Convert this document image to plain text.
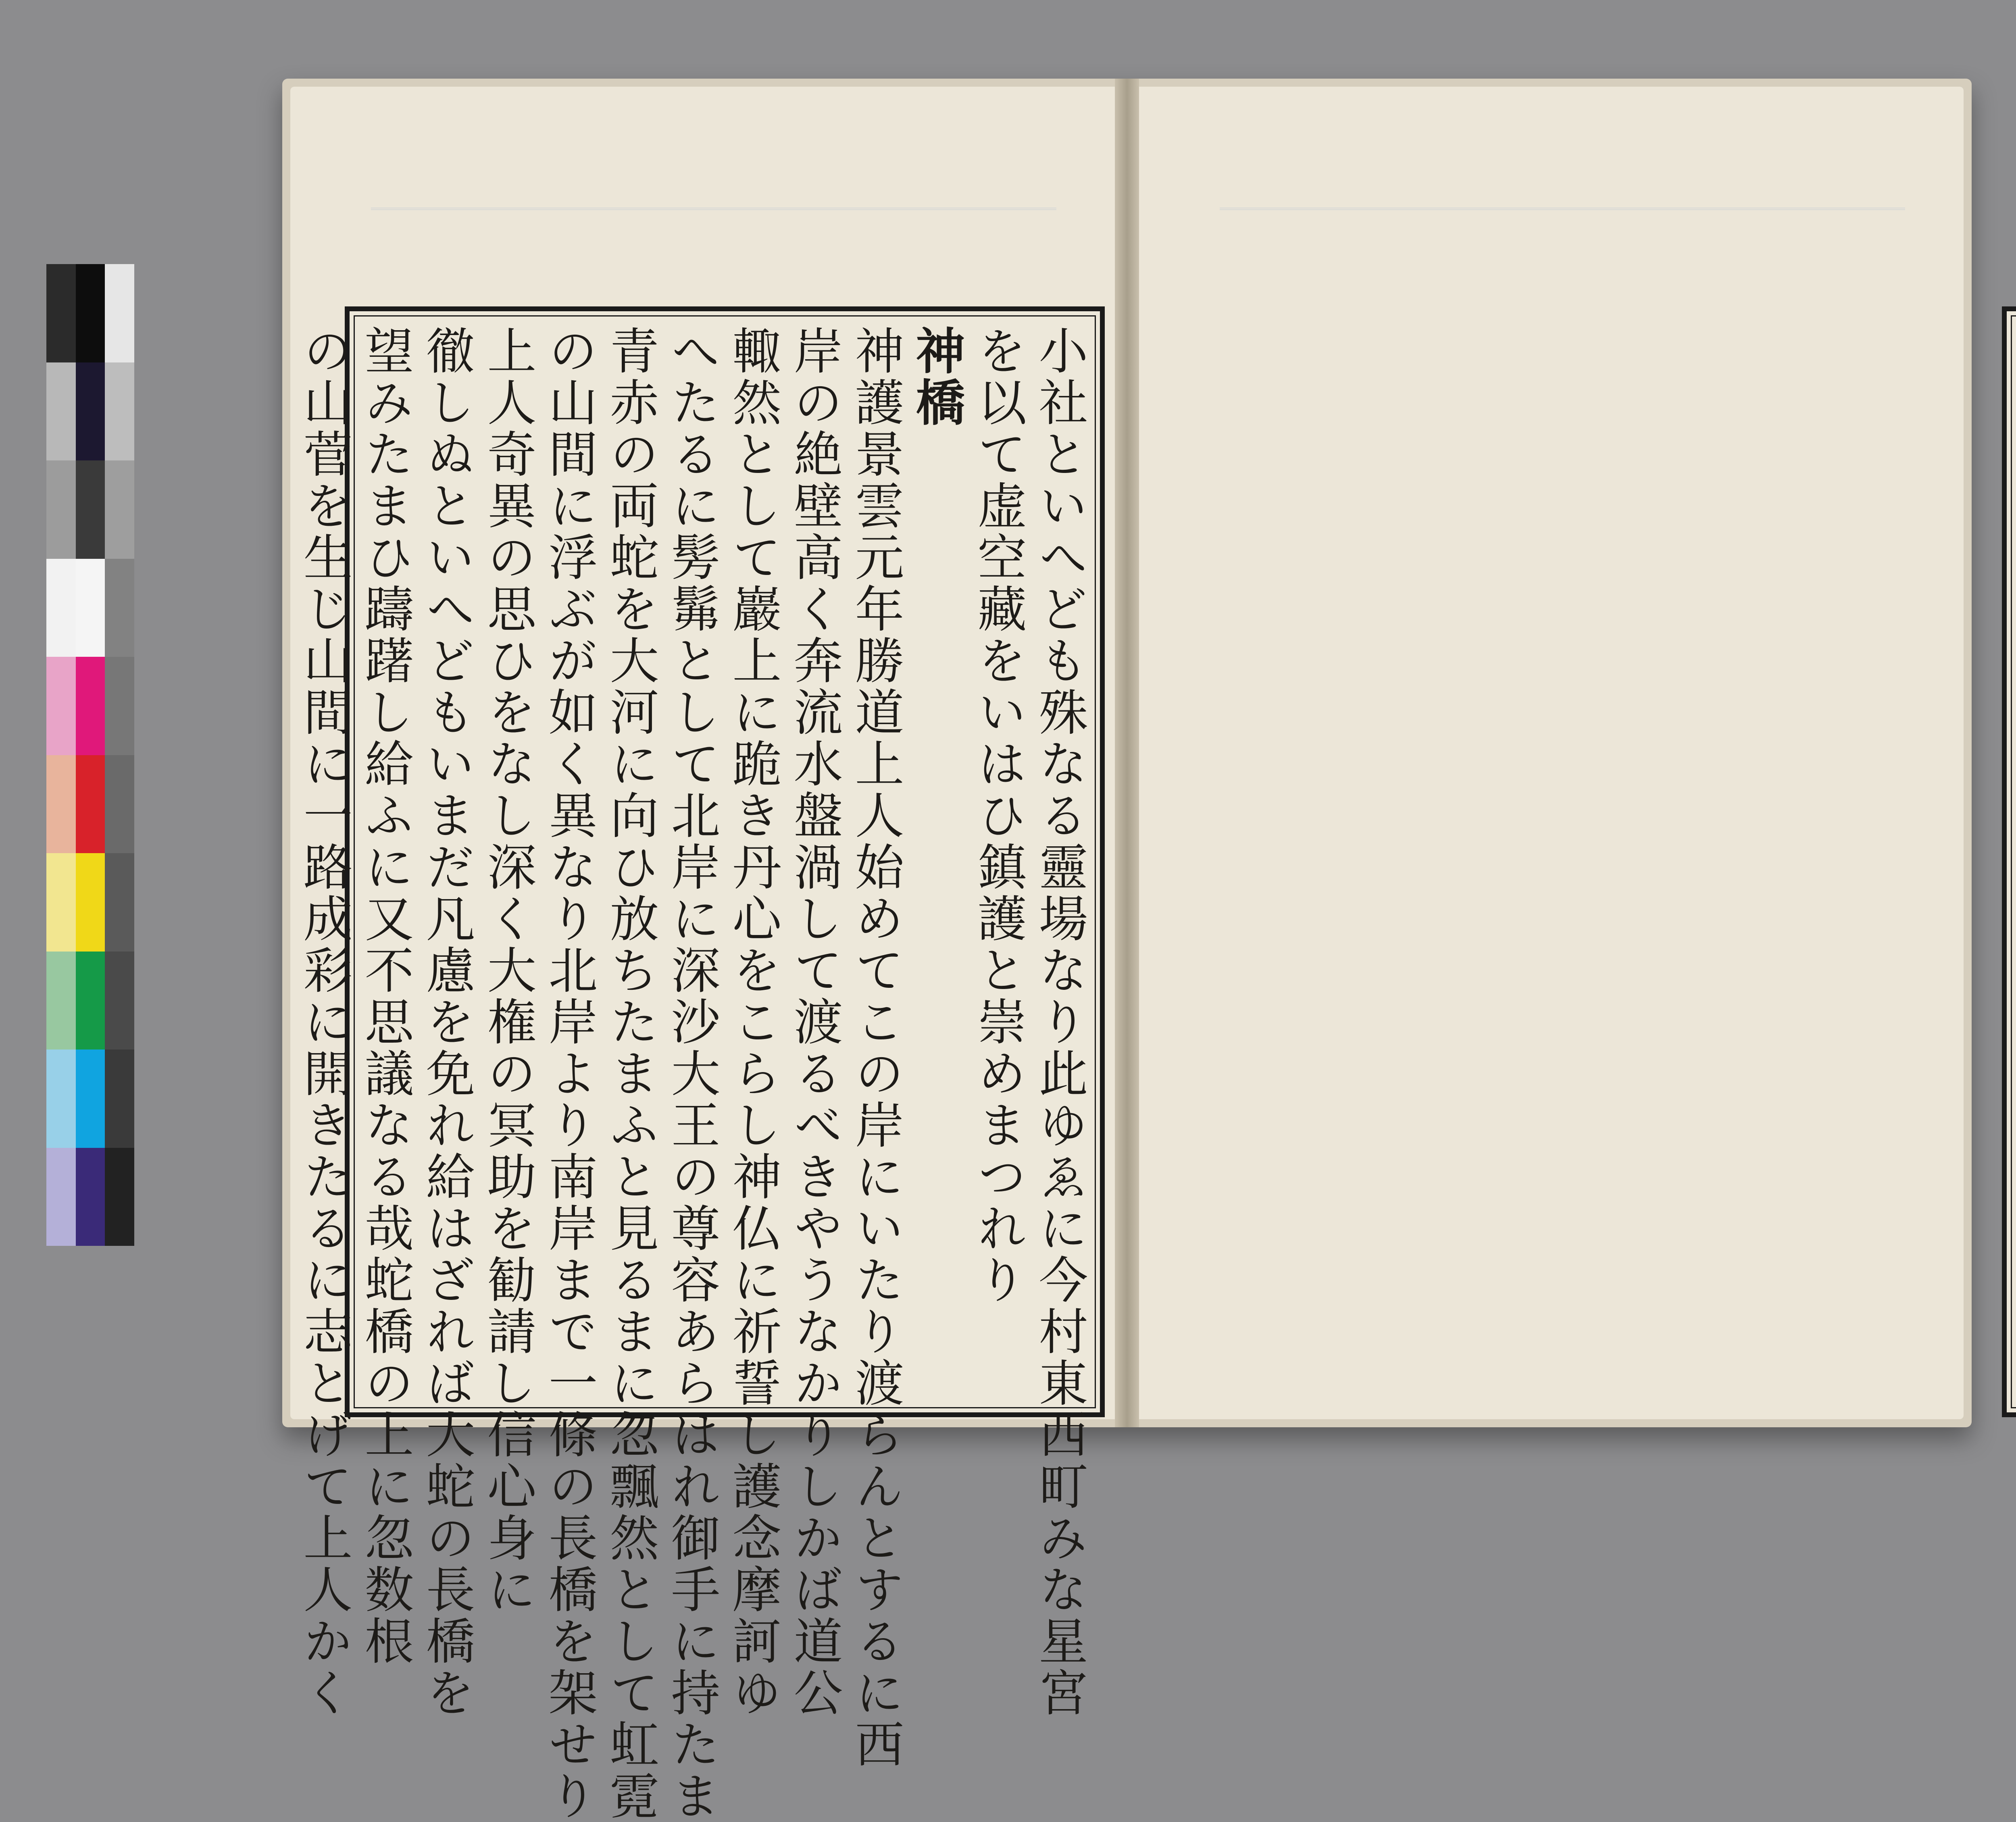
小社といへども殊なる靈場なり此ゆゑに今村東西町みな星宮
を以て虚空藏をいはひ鎮護と崇めまつれり
神橋
神護景雲元年勝道上人始めてこの岸にいたり渡らんとするに西
岸の絶壁高く奔流水盤渦して渡るべきやうなかりしかば道公
輙然として巖上に跪き丹心をこらし神仏に祈誓し護念摩訶ゆ
へたるに髣髴として北岸に深沙大王の尊容あらはれ御手に持たま
青赤の両蛇を大河に向ひ放ちたまふと見るまに忽飄然として虹霓
の山間に浮ぶが如く異なり北岸より南岸まで一條の長橋を架せり
上人奇異の思ひをなし深く大権の冥助を勧請し信心身に
徹しぬといへどもいまだ凡慮を免れ給はざれば大蛇の長橋を
望みたまひ躊躇し給ふに又不思議なる哉蛇橋の上に忽数根
の山菅を生じ山間に一路成彩に開きたるに志とげて上人かく
